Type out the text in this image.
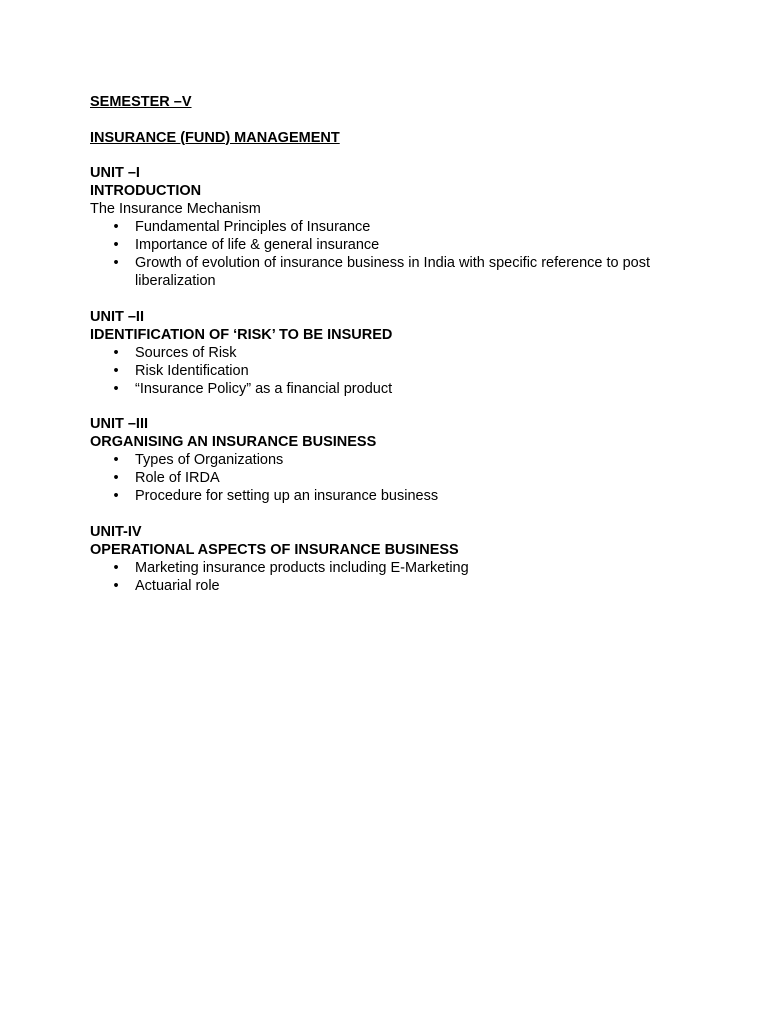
SEMESTER –V

INSURANCE (FUND) MANAGEMENT

UNIT –I

INTRODUCTION

The Insurance Mechanism

• Fundamental Principles of Insurance
• Importance of life & general insurance
• Growth of evolution of insurance business in India with specific reference to post liberalization

UNIT –II

IDENTIFICATION OF ‘RISK’ TO BE INSURED

• Sources of Risk
• Risk Identification
• “Insurance Policy” as a financial product

UNIT –III

ORGANISING AN INSURANCE BUSINESS

• Types of Organizations
• Role of IRDA
• Procedure for setting up an insurance business

UNIT-IV

OPERATIONAL ASPECTS OF INSURANCE BUSINESS

• Marketing insurance products including E-Marketing
• Actuarial role
